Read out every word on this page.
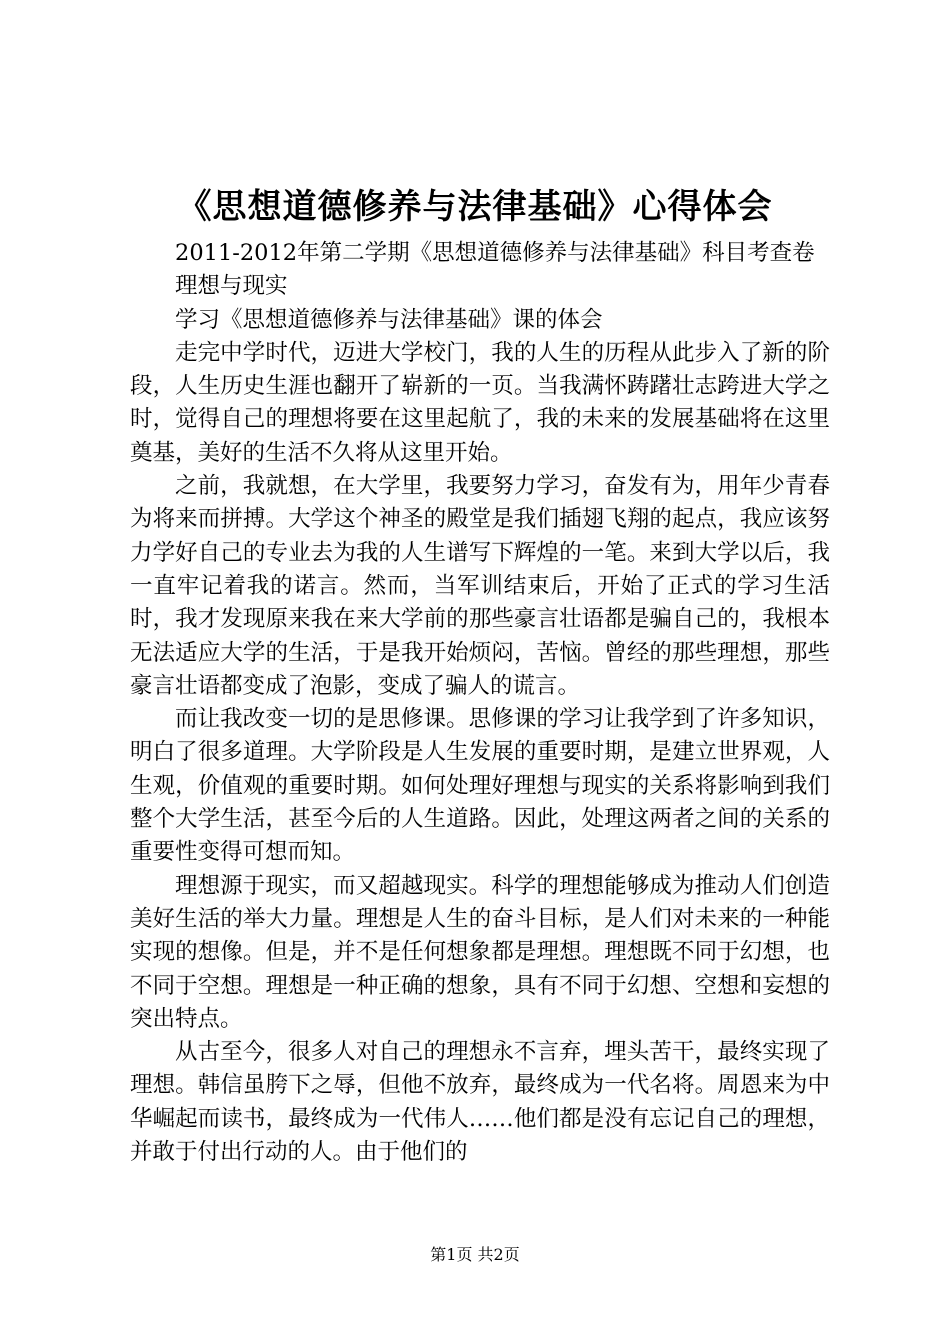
《思想道德修养与法律基础》心得体会

2011-2012年第二学期《思想道德修养与法律基础》科目考查卷

理想与现实

学习《思想道德修养与法律基础》课的体会

走完中学时代，迈进大学校门，我的人生的历程从此步入了新的阶段，人生历史生涯也翻开了崭新的一页。当我满怀踌躇壮志跨进大学之时，觉得自己的理想将要在这里起航了，我的未来的发展基础将在这里奠基，美好的生活不久将从这里开始。

之前，我就想，在大学里，我要努力学习，奋发有为，用年少青春为将来而拼搏。大学这个神圣的殿堂是我们插翅飞翔的起点，我应该努力学好自己的专业去为我的人生谱写下辉煌的一笔。来到大学以后，我一直牢记着我的诺言。然而，当军训结束后，开始了正式的学习生活时，我才发现原来我在来大学前的那些豪言壮语都是骗自己的，我根本无法适应大学的生活，于是我开始烦闷，苦恼。曾经的那些理想，那些豪言壮语都变成了泡影，变成了骗人的谎言。

而让我改变一切的是思修课。思修课的学习让我学到了许多知识，明白了很多道理。大学阶段是人生发展的重要时期，是建立世界观，人生观，价值观的重要时期。如何处理好理想与现实的关系将影响到我们整个大学生活，甚至今后的人生道路。因此，处理这两者之间的关系的重要性变得可想而知。

理想源于现实，而又超越现实。科学的理想能够成为推动人们创造美好生活的举大力量。理想是人生的奋斗目标，是人们对未来的一种能实现的想像。但是，并不是任何想象都是理想。理想既不同于幻想，也不同于空想。理想是一种正确的想象，具有不同于幻想、空想和妄想的突出特点。

从古至今，很多人对自己的理想永不言弃，埋头苦干，最终实现了理想。韩信虽胯下之辱，但他不放弃，最终成为一代名将。周恩来为中华崛起而读书，最终成为一代伟人……他们都是没有忘记自己的理想，并敢于付出行动的人。由于他们的

第1页 共2页
